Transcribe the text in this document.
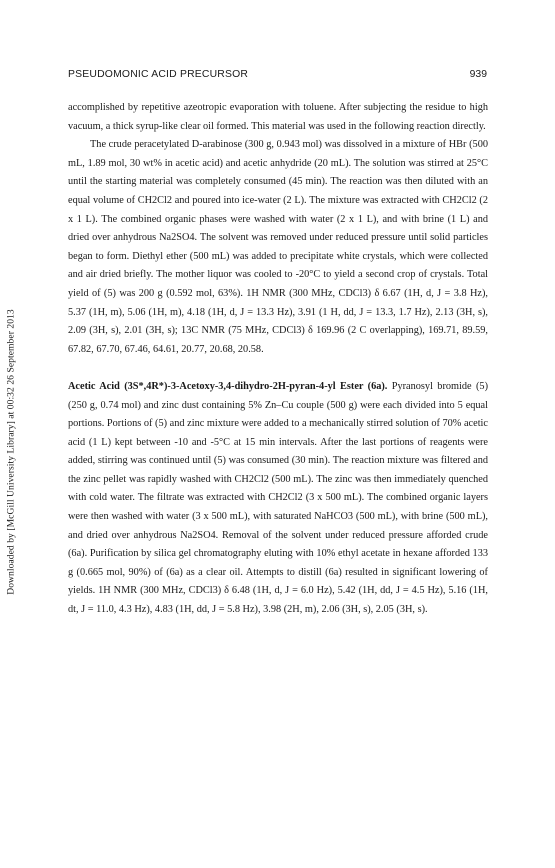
Downloaded by [McGill University Library] at 00:32 26 September 2013
PSEUDOMONIC ACID PRECURSOR	939

accomplished by repetitive azeotropic evaporation with toluene. After subjecting the residue to high vacuum, a thick syrup-like clear oil formed. This material was used in the following reaction directly.

The crude peracetylated D-arabinose (300 g, 0.943 mol) was dissolved in a mixture of HBr (500 mL, 1.89 mol, 30 wt% in acetic acid) and acetic anhydride (20 mL). The solution was stirred at 25°C until the starting material was completely consumed (45 min). The reaction was then diluted with an equal volume of CH2Cl2 and poured into ice-water (2 L). The mixture was extracted with CH2Cl2 (2 x 1 L). The combined organic phases were washed with water (2 x 1 L), and with brine (1 L) and dried over anhydrous Na2SO4. The solvent was removed under reduced pressure until solid particles began to form. Diethyl ether (500 mL) was added to precipitate white crystals, which were collected and air dried briefly. The mother liquor was cooled to -20°C to yield a second crop of crystals. Total yield of (5) was 200 g (0.592 mol, 63%). 1H NMR (300 MHz, CDCl3) δ 6.67 (1H, d, J = 3.8 Hz), 5.37 (1H, m), 5.06 (1H, m), 4.18 (1H, d, J = 13.3 Hz), 3.91 (1 H, dd, J = 13.3, 1.7 Hz), 2.13 (3H, s), 2.09 (3H, s), 2.01 (3H, s); 13C NMR (75 MHz, CDCl3) δ 169.96 (2 C overlapping), 169.71, 89.59, 67.82, 67.70, 67.46, 64.61, 20.77, 20.68, 20.58.

Acetic Acid (3S*,4R*)-3-Acetoxy-3,4-dihydro-2H-pyran-4-yl Ester (6a). Pyranosyl bromide (5) (250 g, 0.74 mol) and zinc dust containing 5% Zn–Cu couple (500 g) were each divided into 5 equal portions. Portions of (5) and zinc mixture were added to a mechanically stirred solution of 70% acetic acid (1 L) kept between -10 and -5°C at 15 min intervals. After the last portions of reagents were added, stirring was continued until (5) was consumed (30 min). The reaction mixture was filtered and the zinc pellet was rapidly washed with CH2Cl2 (500 mL). The zinc was then immediately quenched with cold water. The filtrate was extracted with CH2Cl2 (3 x 500 mL). The combined organic layers were then washed with water (3 x 500 mL), with saturated NaHCO3 (500 mL), with brine (500 mL), and dried over anhydrous Na2SO4. Removal of the solvent under reduced pressure afforded crude (6a). Purification by silica gel chromatography eluting with 10% ethyl acetate in hexane afforded 133 g (0.665 mol, 90%) of (6a) as a clear oil. Attempts to distill (6a) resulted in significant lowering of yields. 1H NMR (300 MHz, CDCl3) δ 6.48 (1H, d, J = 6.0 Hz), 5.42 (1H, dd, J = 4.5 Hz), 5.16 (1H, dt, J = 11.0, 4.3 Hz), 4.83 (1H, dd, J = 5.8 Hz), 3.98 (2H, m), 2.06 (3H, s), 2.05 (3H, s).
